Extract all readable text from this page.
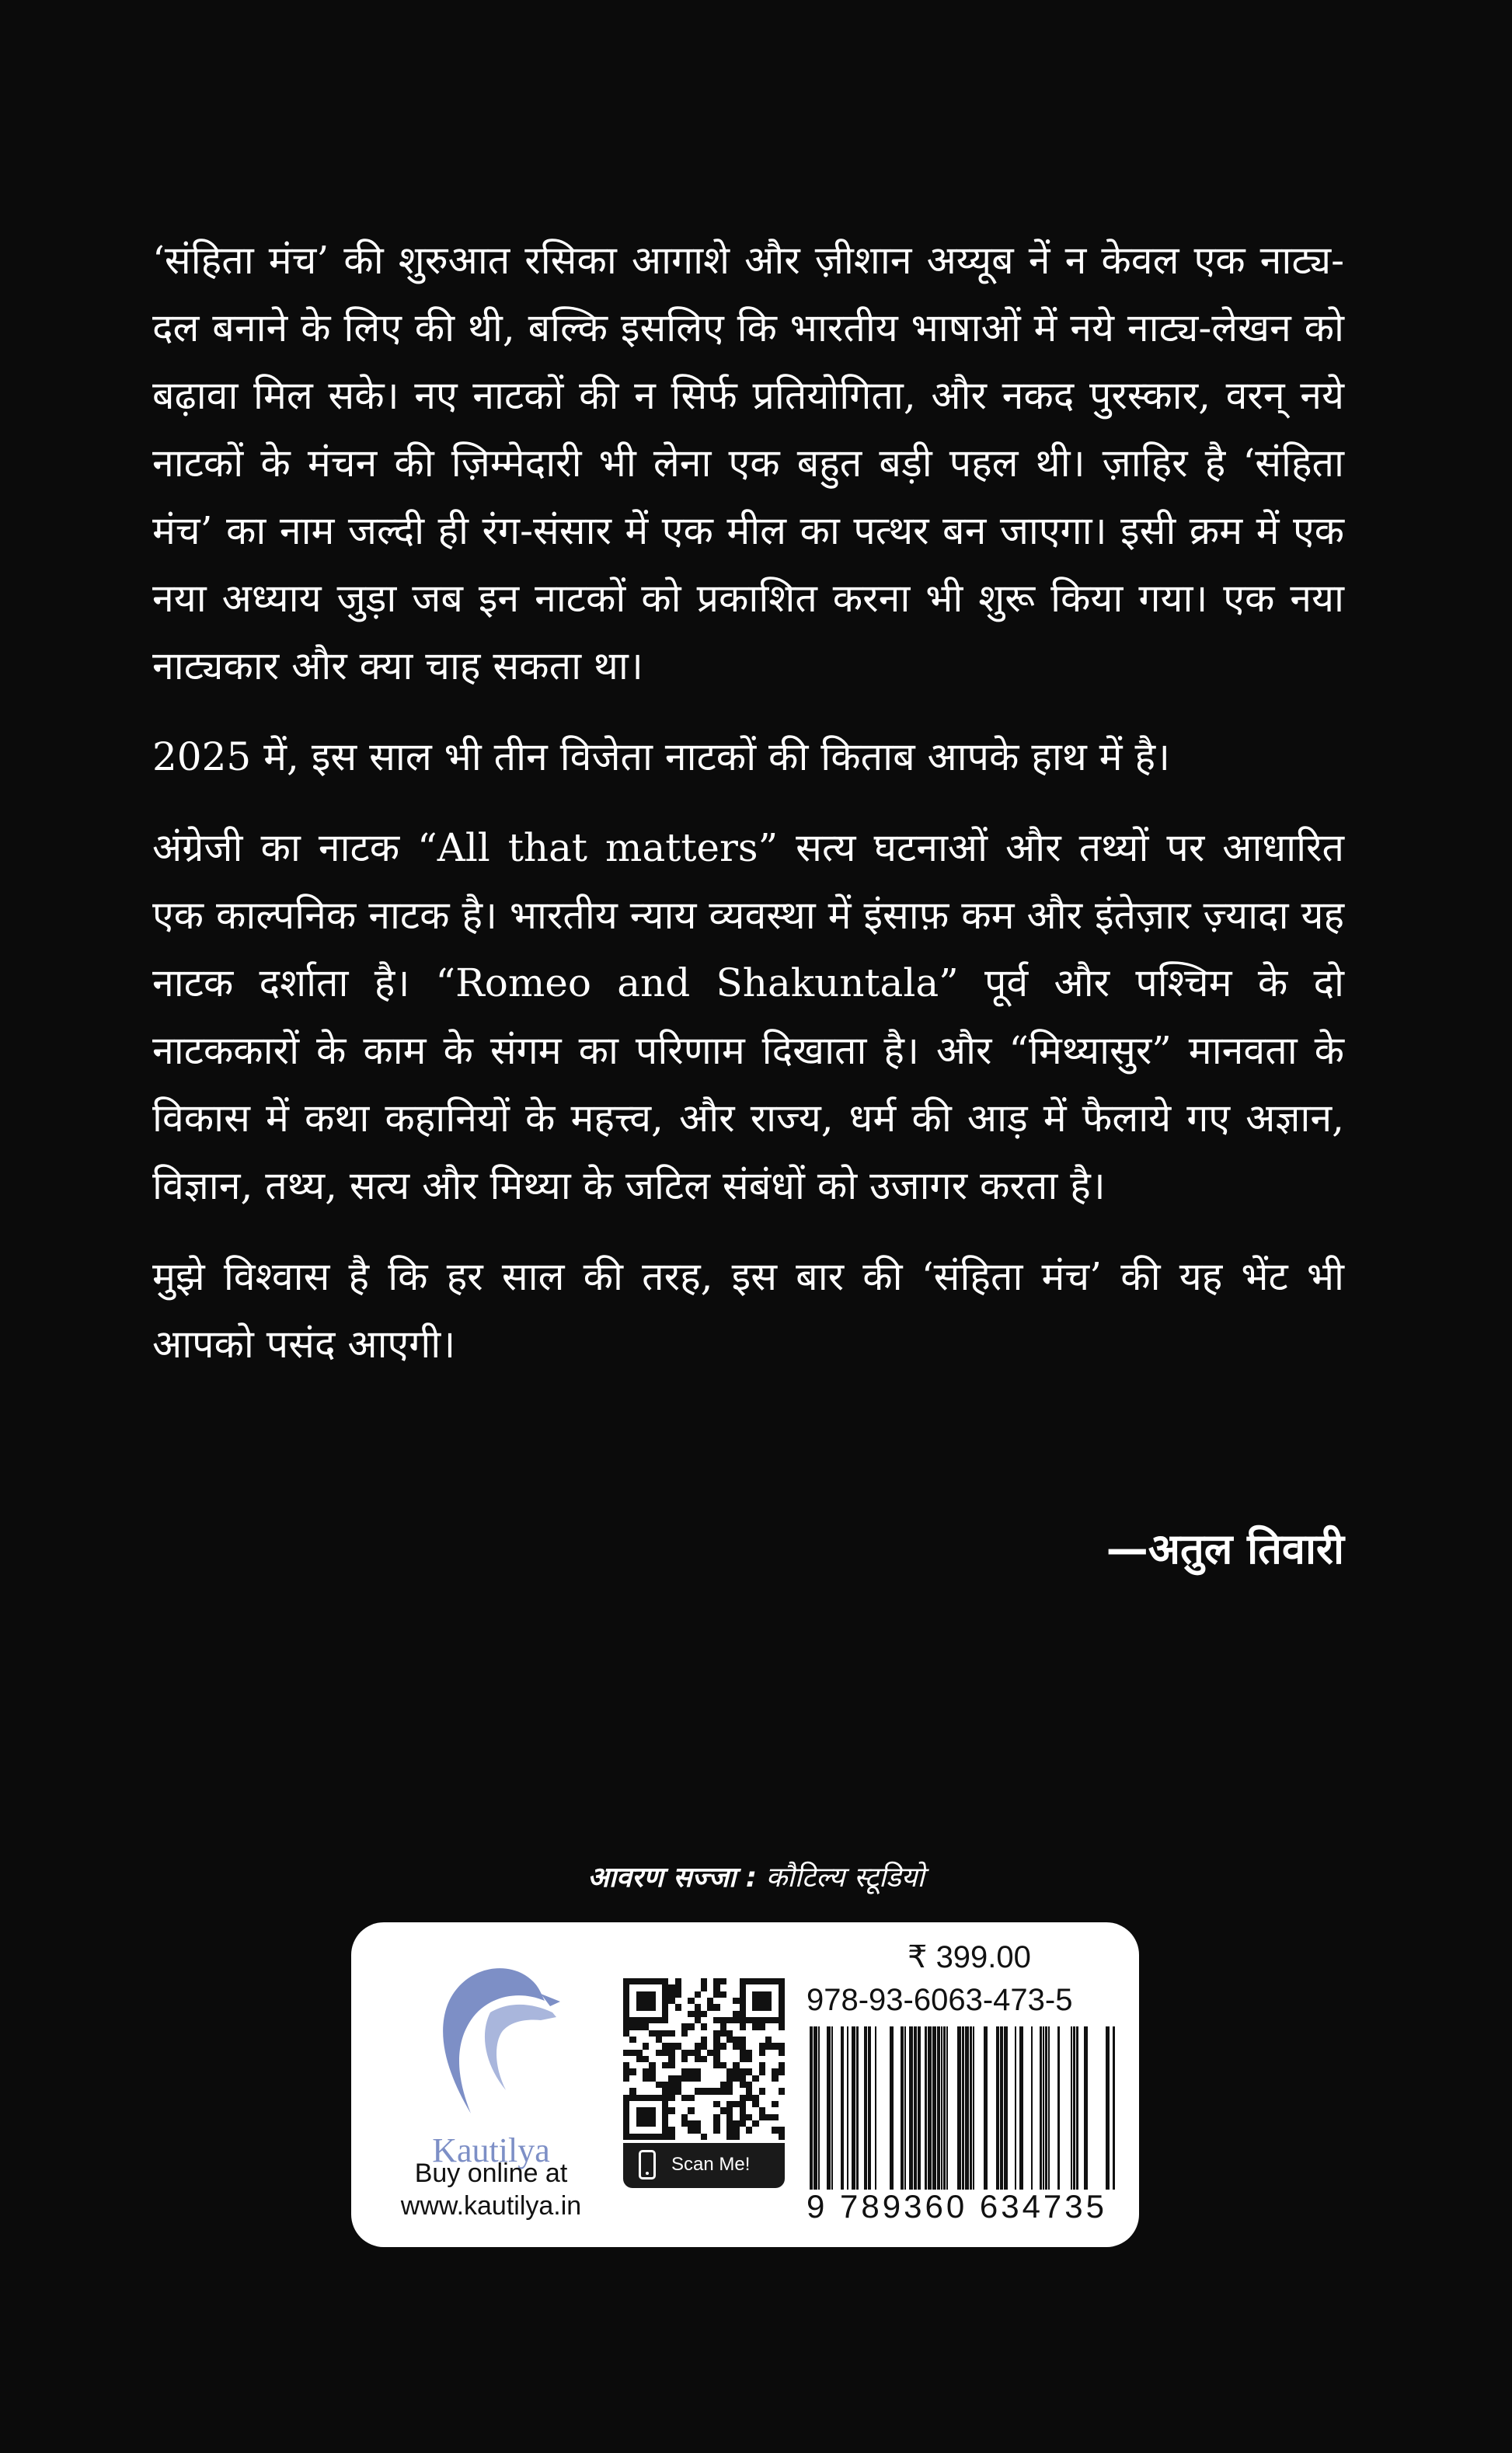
‘संहिता मंच’ की शुरुआत रसिका आगाशे और ज़ीशान अय्यूब नें न केवल एक नाट्य-दल बनाने के लिए की थी, बल्कि इसलिए कि भारतीय भाषाओं में नये नाट्य-लेखन को बढ़ावा मिल सके। नए नाटकों की न सिर्फ प्रतियोगिता, और नकद पुरस्कार, वरन् नये नाटकों के मंचन की ज़िम्मेदारी भी लेना एक बहुत बड़ी पहल थी। ज़ाहिर है ‘संहिता मंच’ का नाम जल्दी ही रंग-संसार में एक मील का पत्थर बन जाएगा। इसी क्रम में एक नया अध्याय जुड़ा जब इन नाटकों को प्रकाशित करना भी शुरू किया गया। एक नया नाट्यकार और क्या चाह सकता था।

2025 में, इस साल भी तीन विजेता नाटकों की किताब आपके हाथ में है।

अंग्रेजी का नाटक “All that matters” सत्य घटनाओं और तथ्यों पर आधारित एक काल्पनिक नाटक है। भारतीय न्याय व्यवस्था में इंसाफ़ कम और इंतेज़ार ज़्यादा यह नाटक दर्शाता है। “Romeo and Shakuntala” पूर्व और पश्चिम के दो नाटककारों के काम के संगम का परिणाम दिखाता है। और “मिथ्यासुर” मानवता के विकास में कथा कहानियों के महत्त्व, और राज्य, धर्म की आड़ में फैलाये गए अज्ञान, विज्ञान, तथ्य, सत्य और मिथ्या के जटिल संबंधों को उजागर करता है।

मुझे विश्वास है कि हर साल की तरह, इस बार की ‘संहिता मंच’ की यह भेंट भी आपको पसंद आएगी।

—अतुल तिवारी
आवरण सज्जा : कौटिल्य स्टूडियो
Kautilya
Buy online at
www.kautilya.in
Scan Me!
₹ 399.00
978-93-6063-473-5
9 789360 634735
